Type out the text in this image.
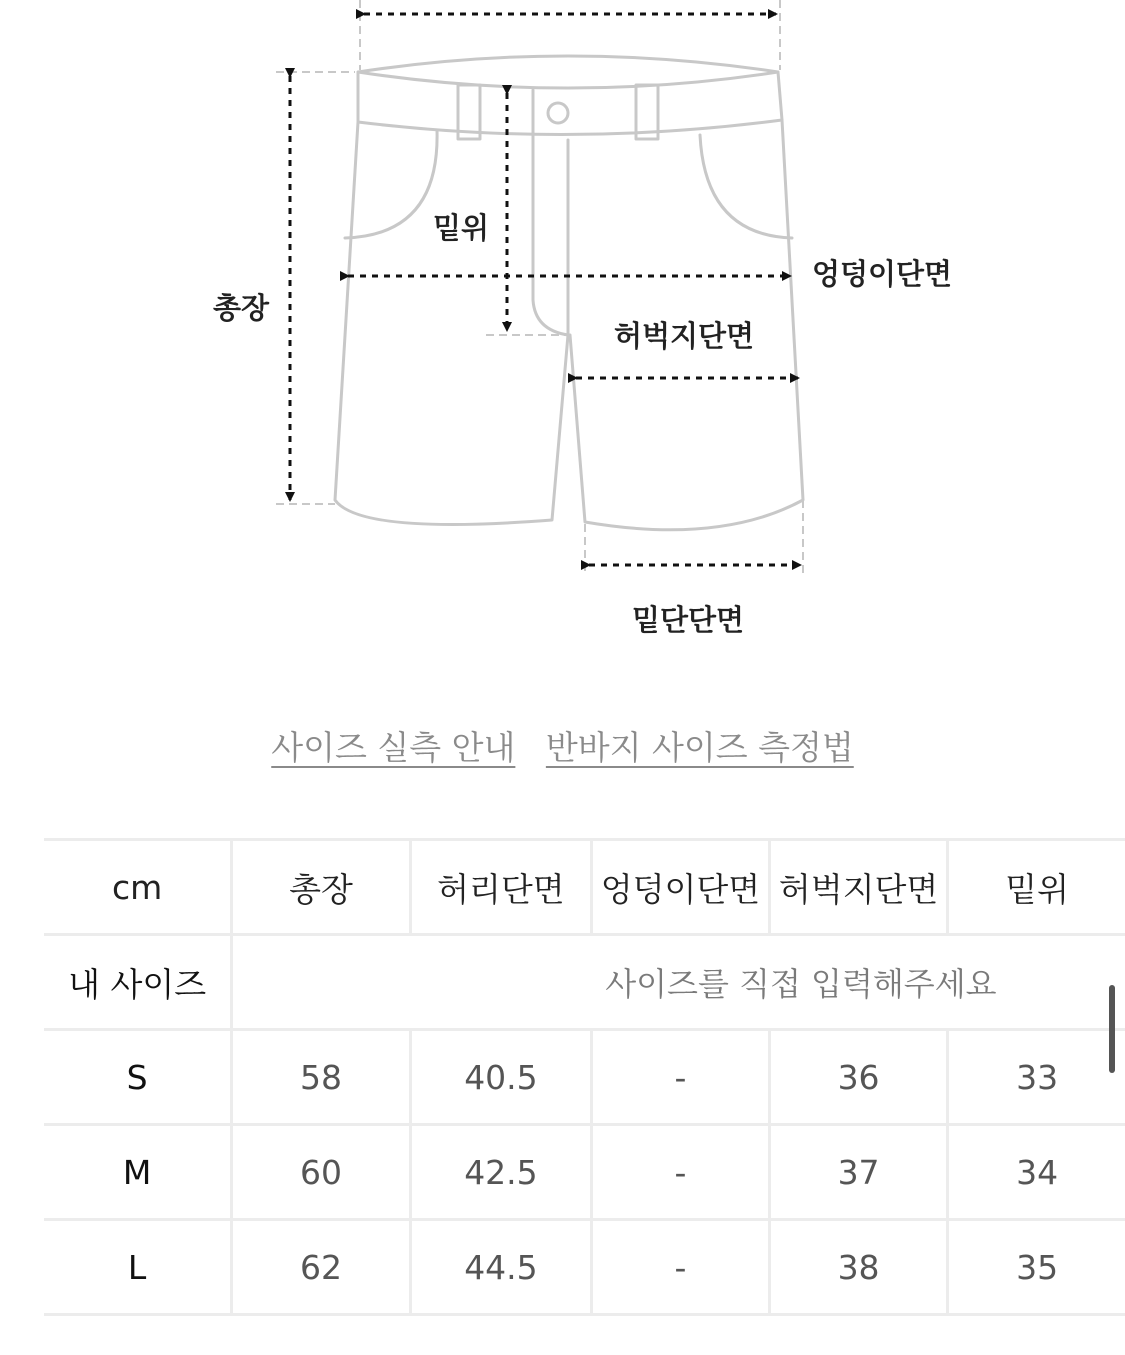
총장
밑위
엉덩이단면
허벅지단면
밑단단면
사이즈 실측 안내 반바지 사이즈 측정법
cm	총장	허리단면	엉덩이단면	허벅지단면	밑위
내 사이즈	사이즈를 직접 입력해주세요				
S	58	40.5	-	36	33
M	60	42.5	-	37	34
L	62	44.5	-	38	35
